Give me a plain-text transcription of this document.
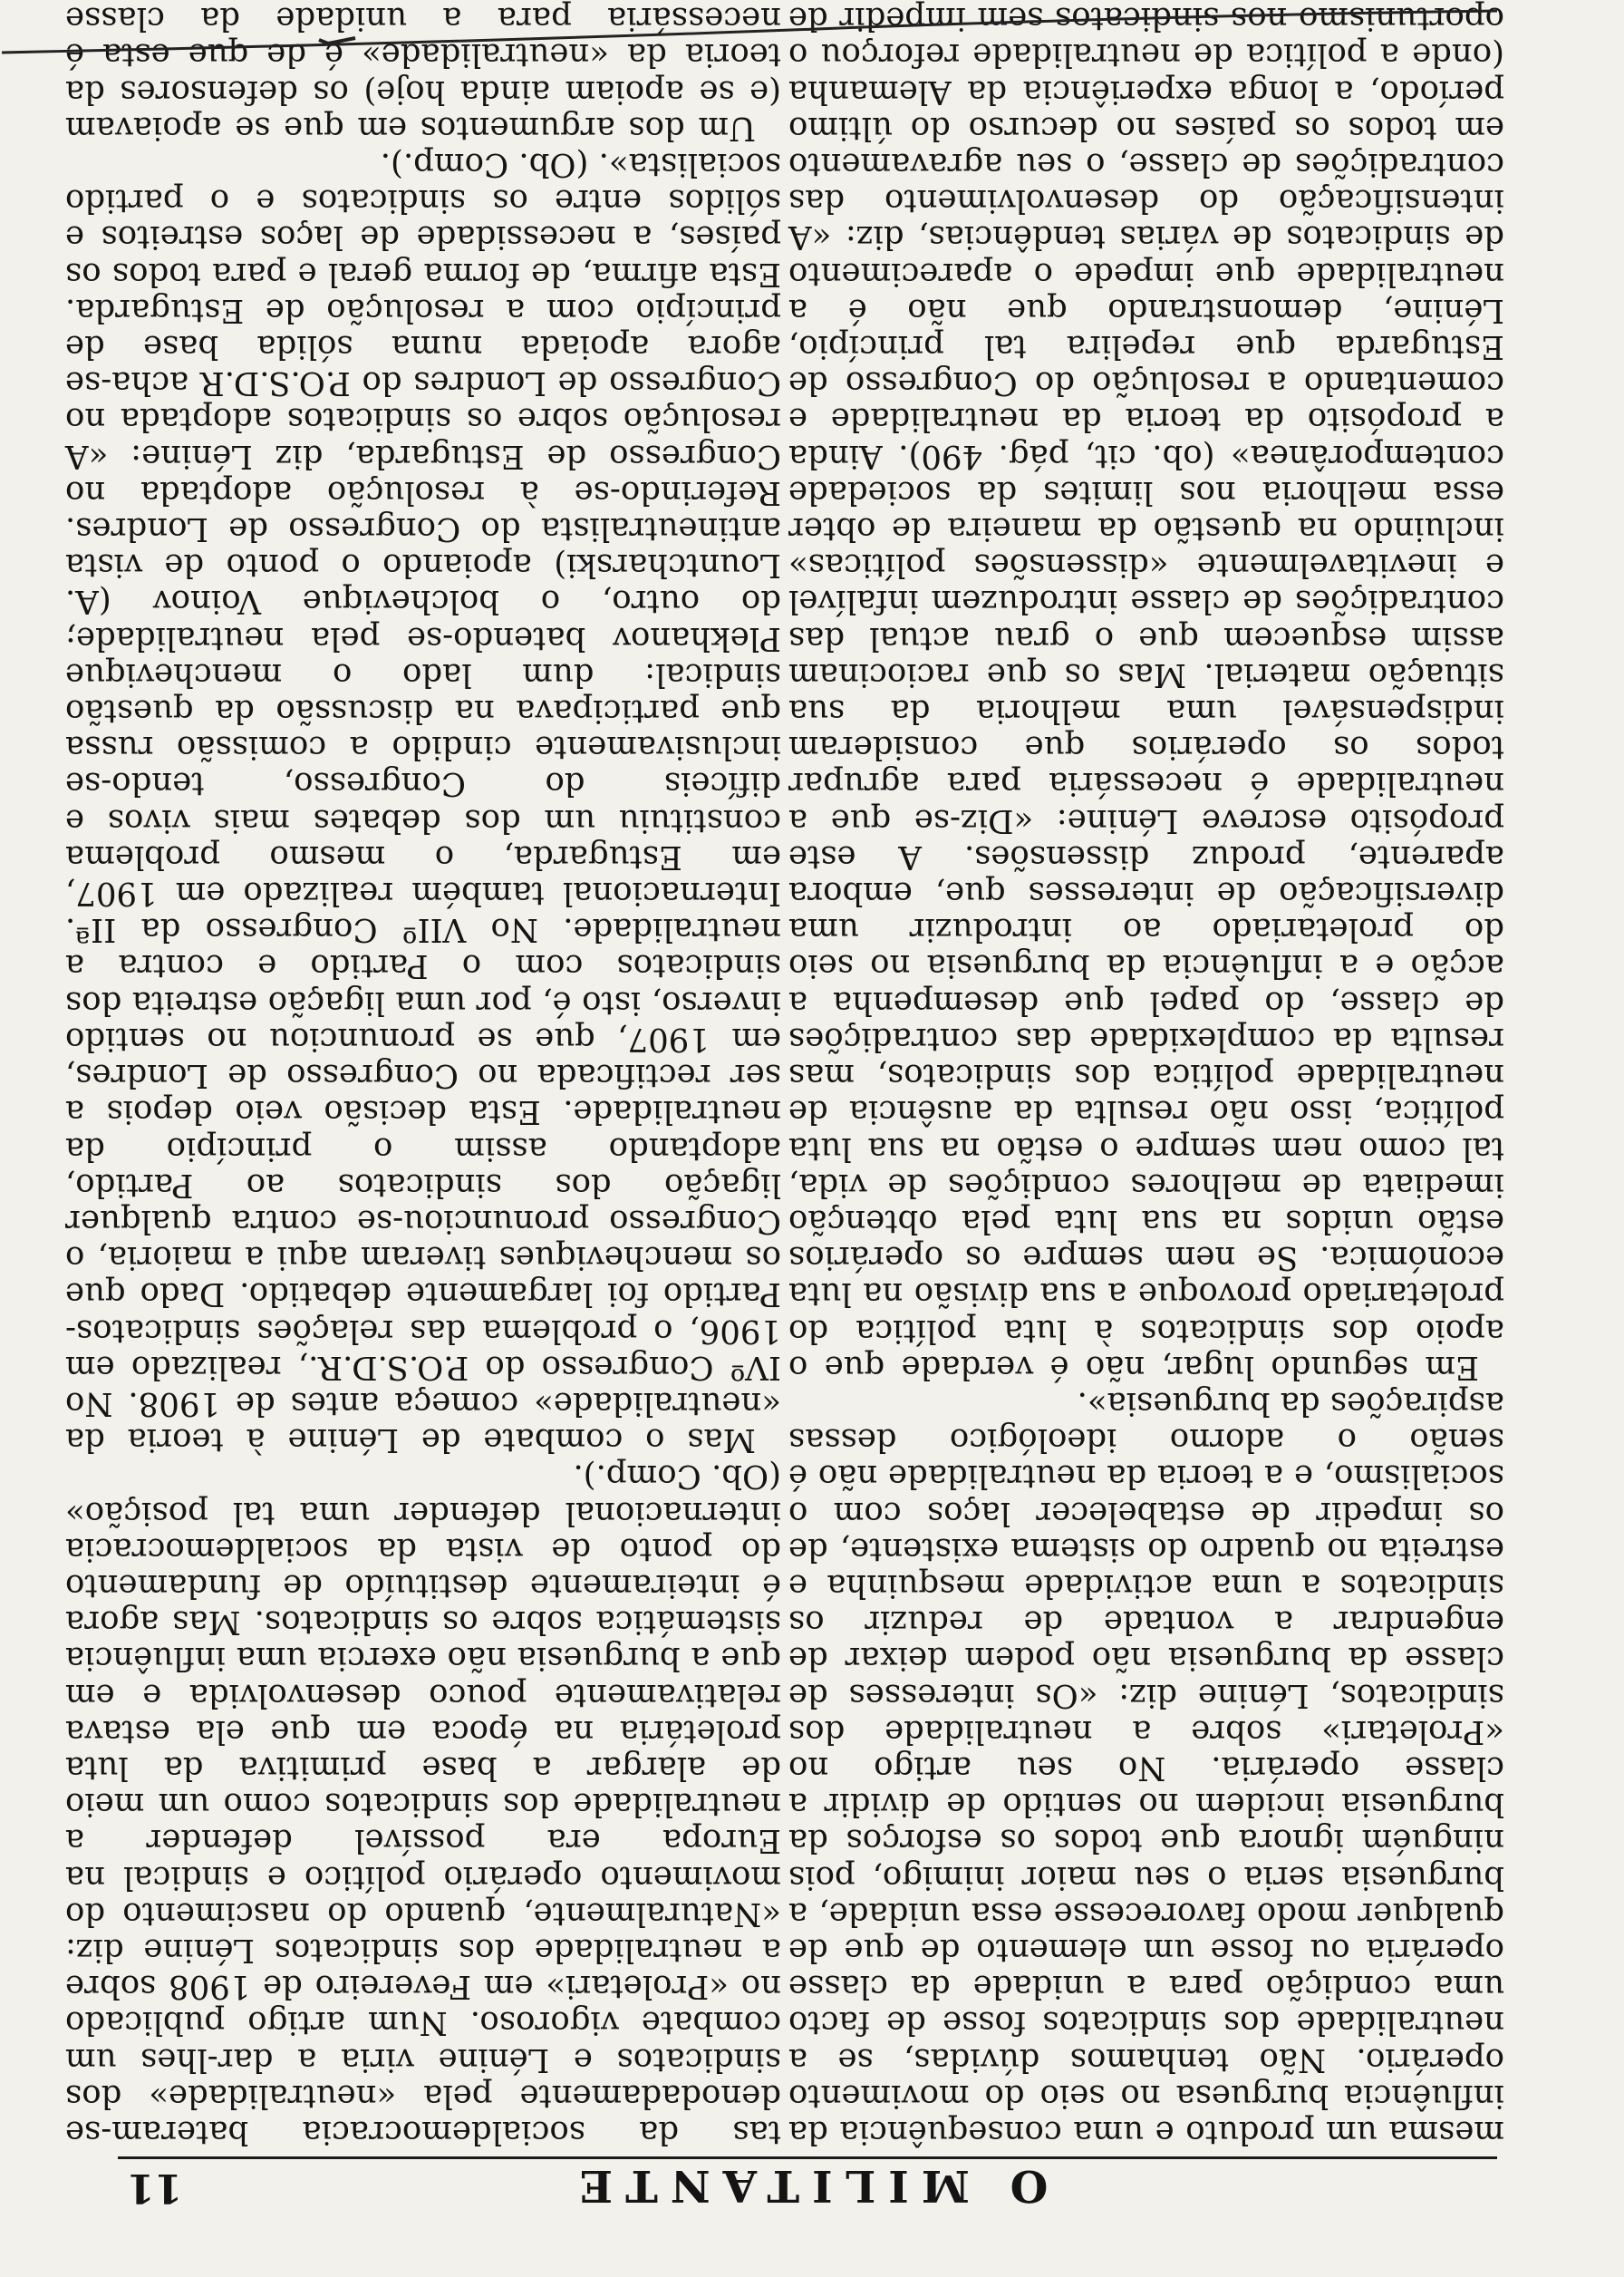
O MILITANTE
11

mesma um produto e uma consequência da influência burguesa no seio do movimento operário. Não tenhamos dúvidas, se a neutralidade dos sindicatos fosse de facto uma condição para a unidade da classe operária ou fosse um elemento de que de qualquer modo favorecesse essa unidade, a burguesia seria o seu maior inimigo, pois ninguém ignora que todos os esforços da burguesia incidem no sentido de dividir a classe operária. No seu artigo no «Proletari» sobre a neutralidade dos sindicatos, Lénine diz: «Os interesses de classe da burguesia não podem deixar de engendrar a vontade de reduzir os sindicatos a uma actividade mesquinha e estreita no quadro do sistema existente, de os impedir de estabelecer laços com o socialismo, e a teoria da neutralidade não é senão o adorno ideológico dessas aspirações da burguesia».

Em segundo lugar, não é verdade que o apoio dos sindicatos à luta política do proletariado provoque a sua divisão na luta económica. Se nem sempre os operários estão unidos na sua luta pela obtenção imediata de melhores condições de vida, tal como nem sempre o estão na sua luta política, isso não resulta da ausência de neutralidade política dos sindicatos, mas resulta da complexidade das contradições de classe, do papel que desempenha a acção e a influência da burguesia no seio do proletariado ao introduzir uma diversificação de interesses que, embora aparente, produz dissensões. A este propósito escreve Lénine: «Diz-se que a neutralidade é necessária para agrupar todos os operários que consideram indispensável uma melhoria da sua situação material. Mas os que raciocinam assim esquecem que o grau actual das contradições de classe introduzem infalível e inevitavelmente «dissensões políticas» incluindo na questão da maneira de obter essa melhoria nos limites da sociedade contemporânea» (ob. cit, pág. 490). Ainda a propósito da teoria da neutralidade e comentando a resolução do Congresso de Estugarda que repelira tal princípio, Lénine, demonstrando que não é a neutralidade que impede o aparecimento de sindicatos de várias tendências, diz: «A intensificação do desenvolvimento das contradições de classe, o seu agravamento em todos os países no decurso do último período, a longa experiência da Alemanha (onde a política de neutralidade reforçou o oportunismo nos sindicatos sem impedir de

tas da socialdemocracia bateram-se denodadamente pela «neutralidade» dos sindicatos e Lénine viria a dar-lhes um combate vigoroso. Num artigo publicado no «Proletari» em Fevereiro de 1908 sobre a neutralidade dos sindicatos Lénine diz: «Naturalmente, quando do nascimento do movimento operário político e sindical na Europa era possível defender a neutralidade dos sindicatos como um meio de alargar a base primitiva da luta proletária na época em que ela estava relativamente pouco desenvolvida e em que a burguesia não exercia uma influência sistemática sobre os sindicatos. Mas agora é inteiramente destituído de fundamento do ponto de vista da socialdemocracia internacional defender uma tal posição» (Ob. Comp.).

Mas o combate de Lénine à teoria da «neutralidade» começa antes de 1908. No IVº Congresso do P.O.S.D.R., realizado em 1906, o problema das relações sindicatos-Partido foi largamente debatido. Dado que os mencheviques tiveram aqui a maioria, o Congresso pronunciou-se contra qualquer ligação dos sindicatos ao Partido, adoptando assim o princípio da neutralidade. Esta decisão veio depois a ser rectificada no Congresso de Londres, em 1907, que se pronunciou no sentido inverso, isto é, por uma ligação estreita dos sindicatos com o Partido e contra a neutralidade. No VIIº Congresso da IIª. Internacional também realizado em 1907, em Estugarda, o mesmo problema constituiu um dos debates mais vivos e difíceis do Congresso, tendo-se inclusivamente cindido a comissão russa que participava na discussão da questão sindical: dum lado o menchevique Plekhanov batendo-se pela neutralidade; do outro, o bolchevique Voinov (A. Lountcharski) apoiando o ponto de vista antineutralista do Congresso de Londres. Referindo-se à resolução adoptada no Congresso de Estugarda, diz Lénine: «A resolução sobre os sindicatos adoptada no Congresso de Londres do P.O.S.D.R acha-se agora apoiada numa sólida base de princípio com a resolução de Estugarda. Esta afirma, de forma geral e para todos os países, a necessidade de laços estreitos e sólidos entre os sindicatos e o partido socialista». (Ob. Comp.).

Um dos argumentos em que se apoiavam (e se apoiam ainda hoje) os defensores da teoria da «neutralidade» é de que esta é necessária para a unidade da classe
